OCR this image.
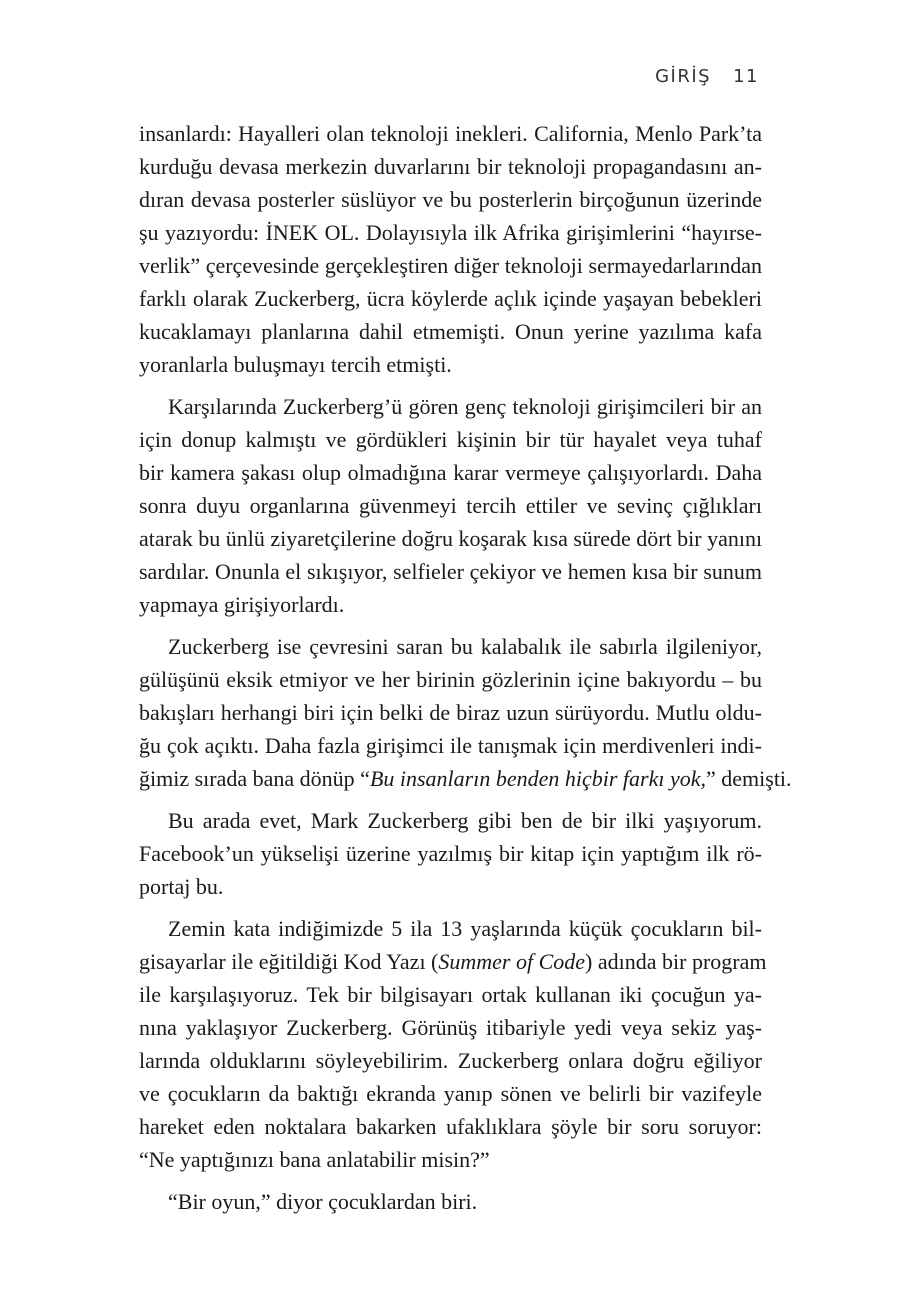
GİRİŞ 11

insanlardı: Hayalleri olan teknoloji inekleri. California, Menlo Park’ta
kurduğu devasa merkezin duvarlarını bir teknoloji propagandasını an-
dıran devasa posterler süslüyor ve bu posterlerin birçoğunun üzerinde
şu yazıyordu: İNEK OL. Dolayısıyla ilk Afrika girişimlerini “hayırse-
verlik” çerçevesinde gerçekleştiren diğer teknoloji sermayedarlarından
farklı olarak Zuckerberg, ücra köylerde açlık içinde yaşayan bebekleri
kucaklamayı planlarına dahil etmemişti. Onun yerine yazılıma kafa
yoranlarla buluşmayı tercih etmişti.

Karşılarında Zuckerberg’ü gören genç teknoloji girişimcileri bir an
için donup kalmıştı ve gördükleri kişinin bir tür hayalet veya tuhaf
bir kamera şakası olup olmadığına karar vermeye çalışıyorlardı. Daha
sonra duyu organlarına güvenmeyi tercih ettiler ve sevinç çığlıkları
atarak bu ünlü ziyaretçilerine doğru koşarak kısa sürede dört bir yanını
sardılar. Onunla el sıkışıyor, selfieler çekiyor ve hemen kısa bir sunum
yapmaya girişiyorlardı.

Zuckerberg ise çevresini saran bu kalabalık ile sabırla ilgileniyor,
gülüşünü eksik etmiyor ve her birinin gözlerinin içine bakıyordu – bu
bakışları herhangi biri için belki de biraz uzun sürüyordu. Mutlu oldu-
ğu çok açıktı. Daha fazla girişimci ile tanışmak için merdivenleri indi-
ğimiz sırada bana dönüp “Bu insanların benden hiçbir farkı yok,” demişti.

Bu arada evet, Mark Zuckerberg gibi ben de bir ilki yaşıyorum.
Facebook’un yükselişi üzerine yazılmış bir kitap için yaptığım ilk rö-
portaj bu.

Zemin kata indiğimizde 5 ila 13 yaşlarında küçük çocukların bil-
gisayarlar ile eğitildiği Kod Yazı (Summer of Code) adında bir program
ile karşılaşıyoruz. Tek bir bilgisayarı ortak kullanan iki çocuğun ya-
nına yaklaşıyor Zuckerberg. Görünüş itibariyle yedi veya sekiz yaş-
larında olduklarını söyleyebilirim. Zuckerberg onlara doğru eğiliyor
ve çocukların da baktığı ekranda yanıp sönen ve belirli bir vazifeyle
hareket eden noktalara bakarken ufaklıklara şöyle bir soru soruyor:
“Ne yaptığınızı bana anlatabilir misin?”

“Bir oyun,” diyor çocuklardan biri.
